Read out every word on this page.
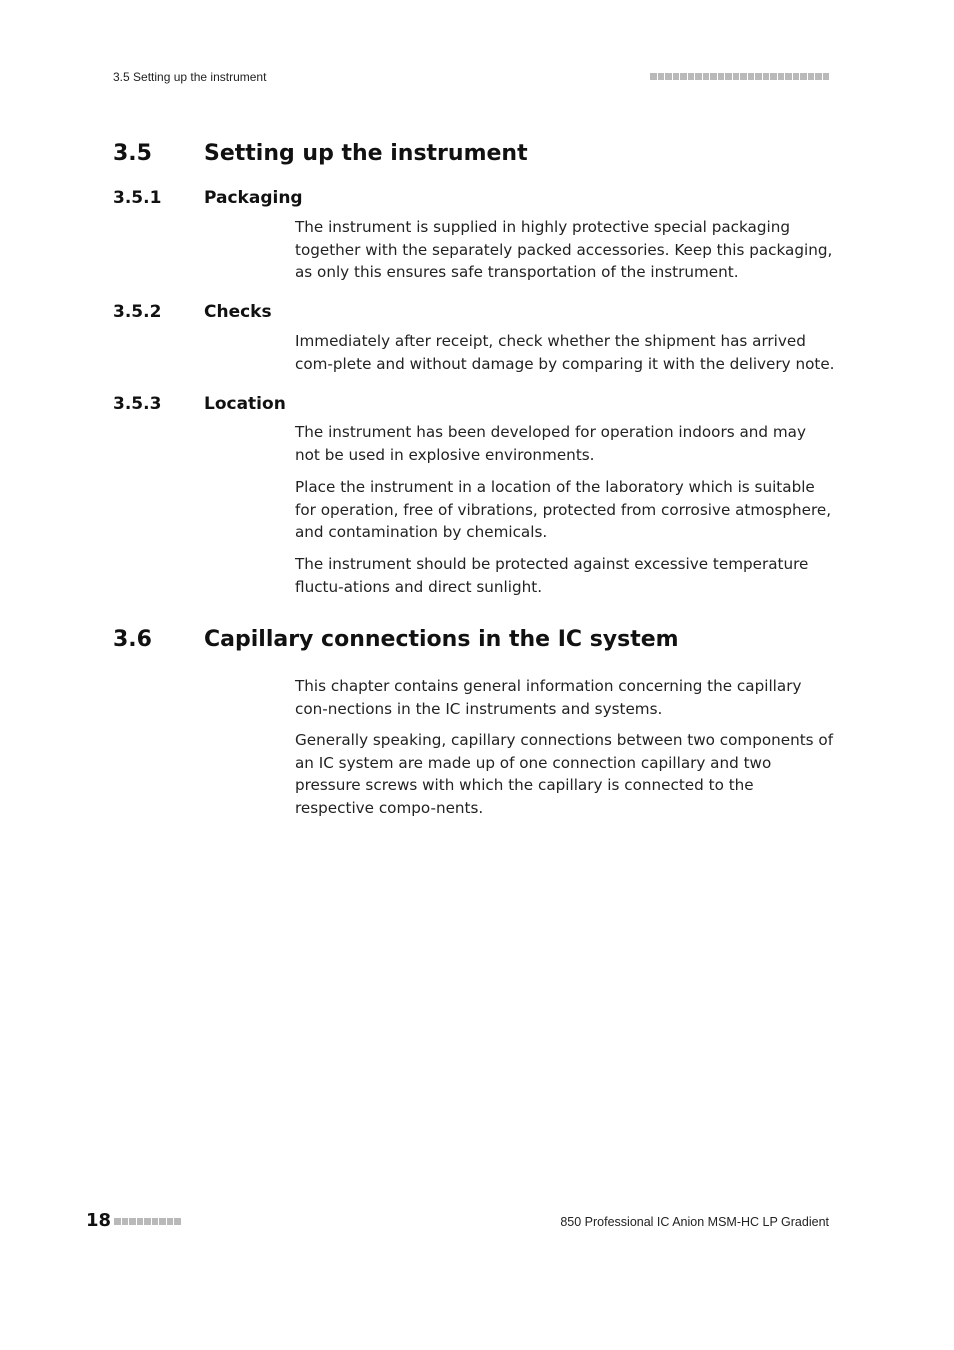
3.5 Setting up the instrument
3.5 Setting up the instrument
3.5.1	Packaging

The instrument is supplied in highly protective special packaging together with the separately packed accessories. Keep this packaging, as only this ensures safe transportation of the instrument.

3.5.2	Checks

Immediately after receipt, check whether the shipment has arrived com-plete and without damage by comparing it with the delivery note.

3.5.3	Location

The instrument has been developed for operation indoors and may not be used in explosive environments.

Place the instrument in a location of the laboratory which is suitable for operation, free of vibrations, protected from corrosive atmosphere, and contamination by chemicals.

The instrument should be protected against excessive temperature fluctu-ations and direct sunlight.

3.6 Capillary connections in the IC system

This chapter contains general information concerning the capillary con-nections in the IC instruments and systems.

Generally speaking, capillary connections between two components of an IC system are made up of one connection capillary and two pressure screws with which the capillary is connected to the respective compo-nents.

18	850 Professional IC Anion MSM-HC LP Gradient
